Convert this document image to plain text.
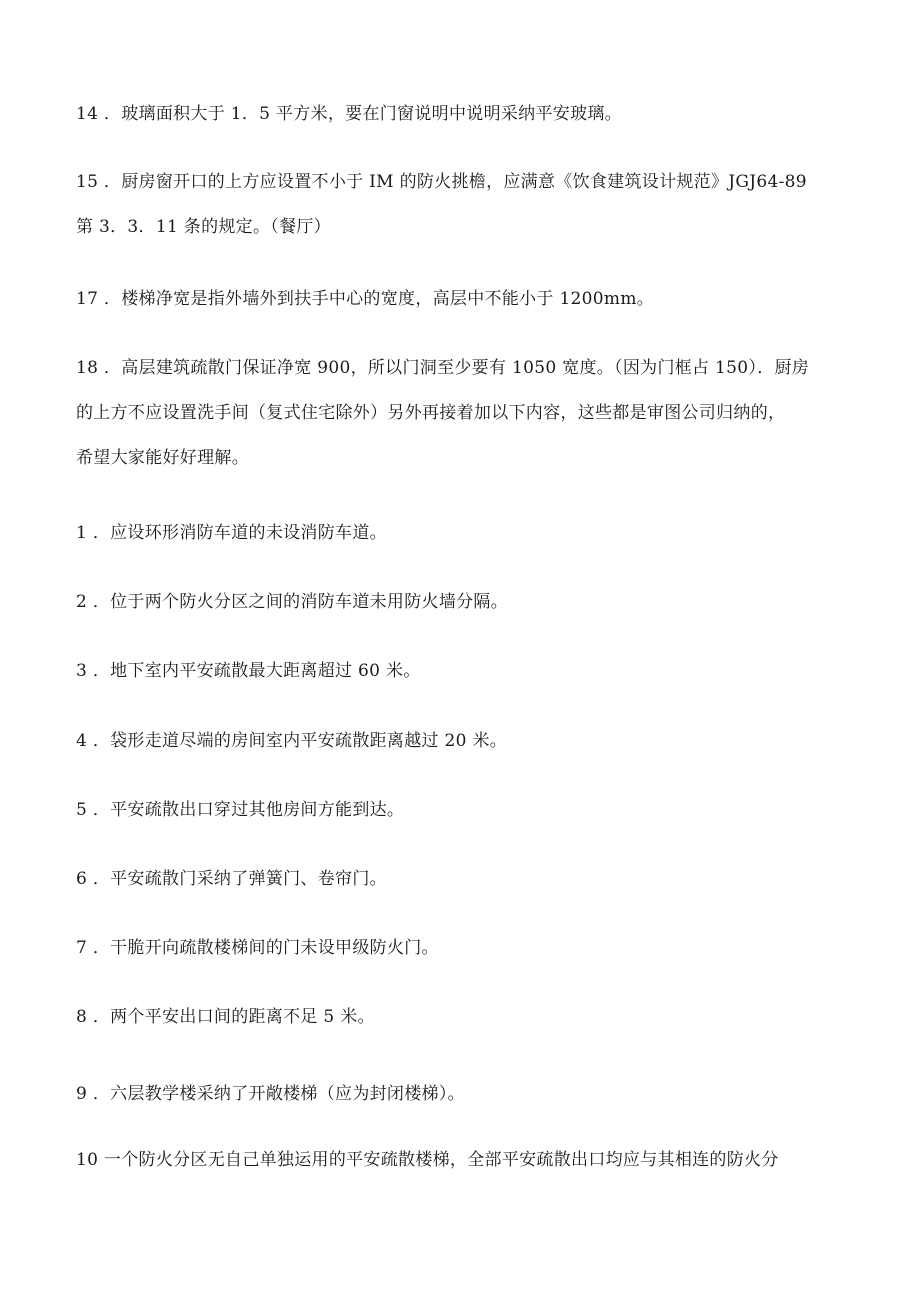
14 ．玻璃面积大于 1．5 平方米，要在门窗说明中说明采纳平安玻璃。

15 ．厨房窗开口的上方应设置不小于 IM 的防火挑檐，应满意《饮食建筑设计规范》JGJ64-89
第 3．3．11 条的规定。（餐厅）

17 ．楼梯净宽是指外墙外到扶手中心的宽度，高层中不能小于 1200mm。

18 ．高层建筑疏散门保证净宽 900，所以门洞至少要有 1050 宽度。（因为门框占 150）．厨房
的上方不应设置洗手间（复式住宅除外）另外再接着加以下内容，这些都是审图公司归纳的，
希望大家能好好理解。

1 ．应设环形消防车道的未设消防车道。

2 ．位于两个防火分区之间的消防车道未用防火墙分隔。

3 ．地下室内平安疏散最大距离超过 60 米。

4 ．袋形走道尽端的房间室内平安疏散距离越过 20 米。

5 ．平安疏散出口穿过其他房间方能到达。

6 ．平安疏散门采纳了弹簧门、卷帘门。

7 ．干脆开向疏散楼梯间的门未设甲级防火门。

8 ．两个平安出口间的距离不足 5 米。

9 ．六层教学楼采纳了开敞楼梯（应为封闭楼梯）。

10 一个防火分区无自己单独运用的平安疏散楼梯，全部平安疏散出口均应与其相连的防火分
